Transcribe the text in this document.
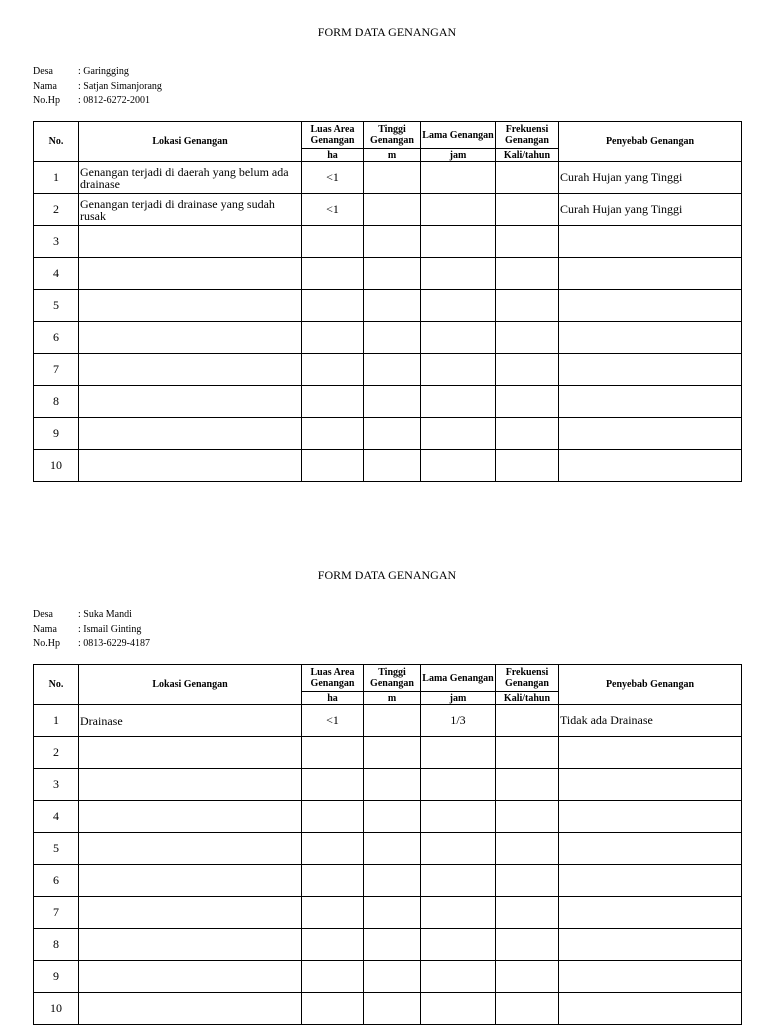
FORM DATA GENANGAN
Desa	: Garingging
Nama	: Satjan Simanjorang
No.Hp	: 0812-6272-2001
No.	Lokasi Genangan	Luas Area Genangan	Tinggi Genangan	Lama Genangan	Frekuensi Genangan	Penyebab Genangan
		ha	m	jam	Kali/tahun	
1	Genangan terjadi di daerah yang belum ada drainase	<1				Curah Hujan yang Tinggi
2	Genangan terjadi di drainase yang sudah rusak	<1				Curah Hujan yang Tinggi
3						
4						
5						
6						
7						
8						
9						
10						
FORM DATA GENANGAN
Desa	: Suka Mandi
Nama	: Ismail Ginting
No.Hp	: 0813-6229-4187
No.	Lokasi Genangan	Luas Area Genangan	Tinggi Genangan	Lama Genangan	Frekuensi Genangan	Penyebab Genangan
		ha	m	jam	Kali/tahun	
1	Drainase	<1		1/3		Tidak ada Drainase
2						
3						
4						
5						
6						
7						
8						
9						
10						
